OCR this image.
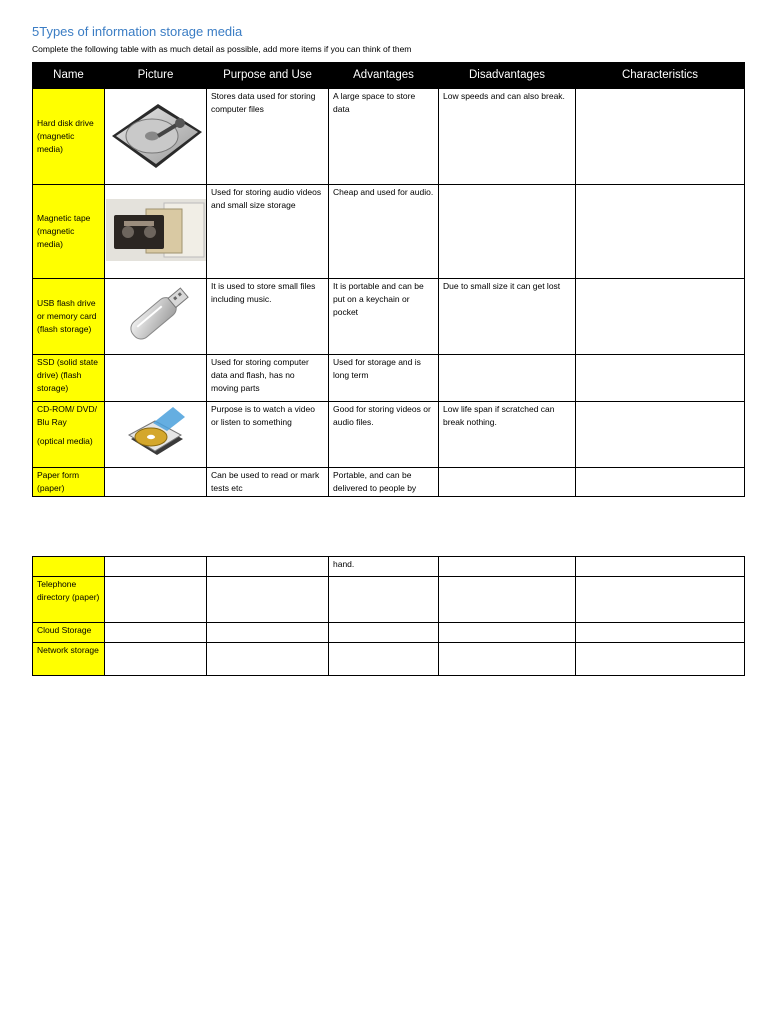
5Types of information storage media
Complete the following table with as much detail as possible, add more items if you can think of them
Name	Picture	Purpose and Use	Advantages	Disadvantages	Characteristics
Hard disk drive (magnetic media)		Stores data used for storing computer files	A large space to store data	Low speeds and can also break.	
Magnetic tape (magnetic media)		Used for storing audio videos and small size storage	Cheap and used for audio.		
USB flash drive or memory card (flash storage)		It is used to store small files including music.	It is portable and can be put on a keychain or pocket	Due to small size it can get lost	
SSD (solid state drive) (flash storage)		Used for storing computer data and flash, has no moving parts	Used for storage and is long term		

CD-ROM/ DVD/ Blu Ray

(optical media)		Purpose is to watch a video or listen to something	Good for storing videos or audio files.	Low life span if scratched can break nothing.	
Paper form (paper)		Can be used to read or mark tests etc	Portable, and can be delivered to people by		
			hand.		
Telephone directory (paper)					
Cloud Storage					
Network storage					
